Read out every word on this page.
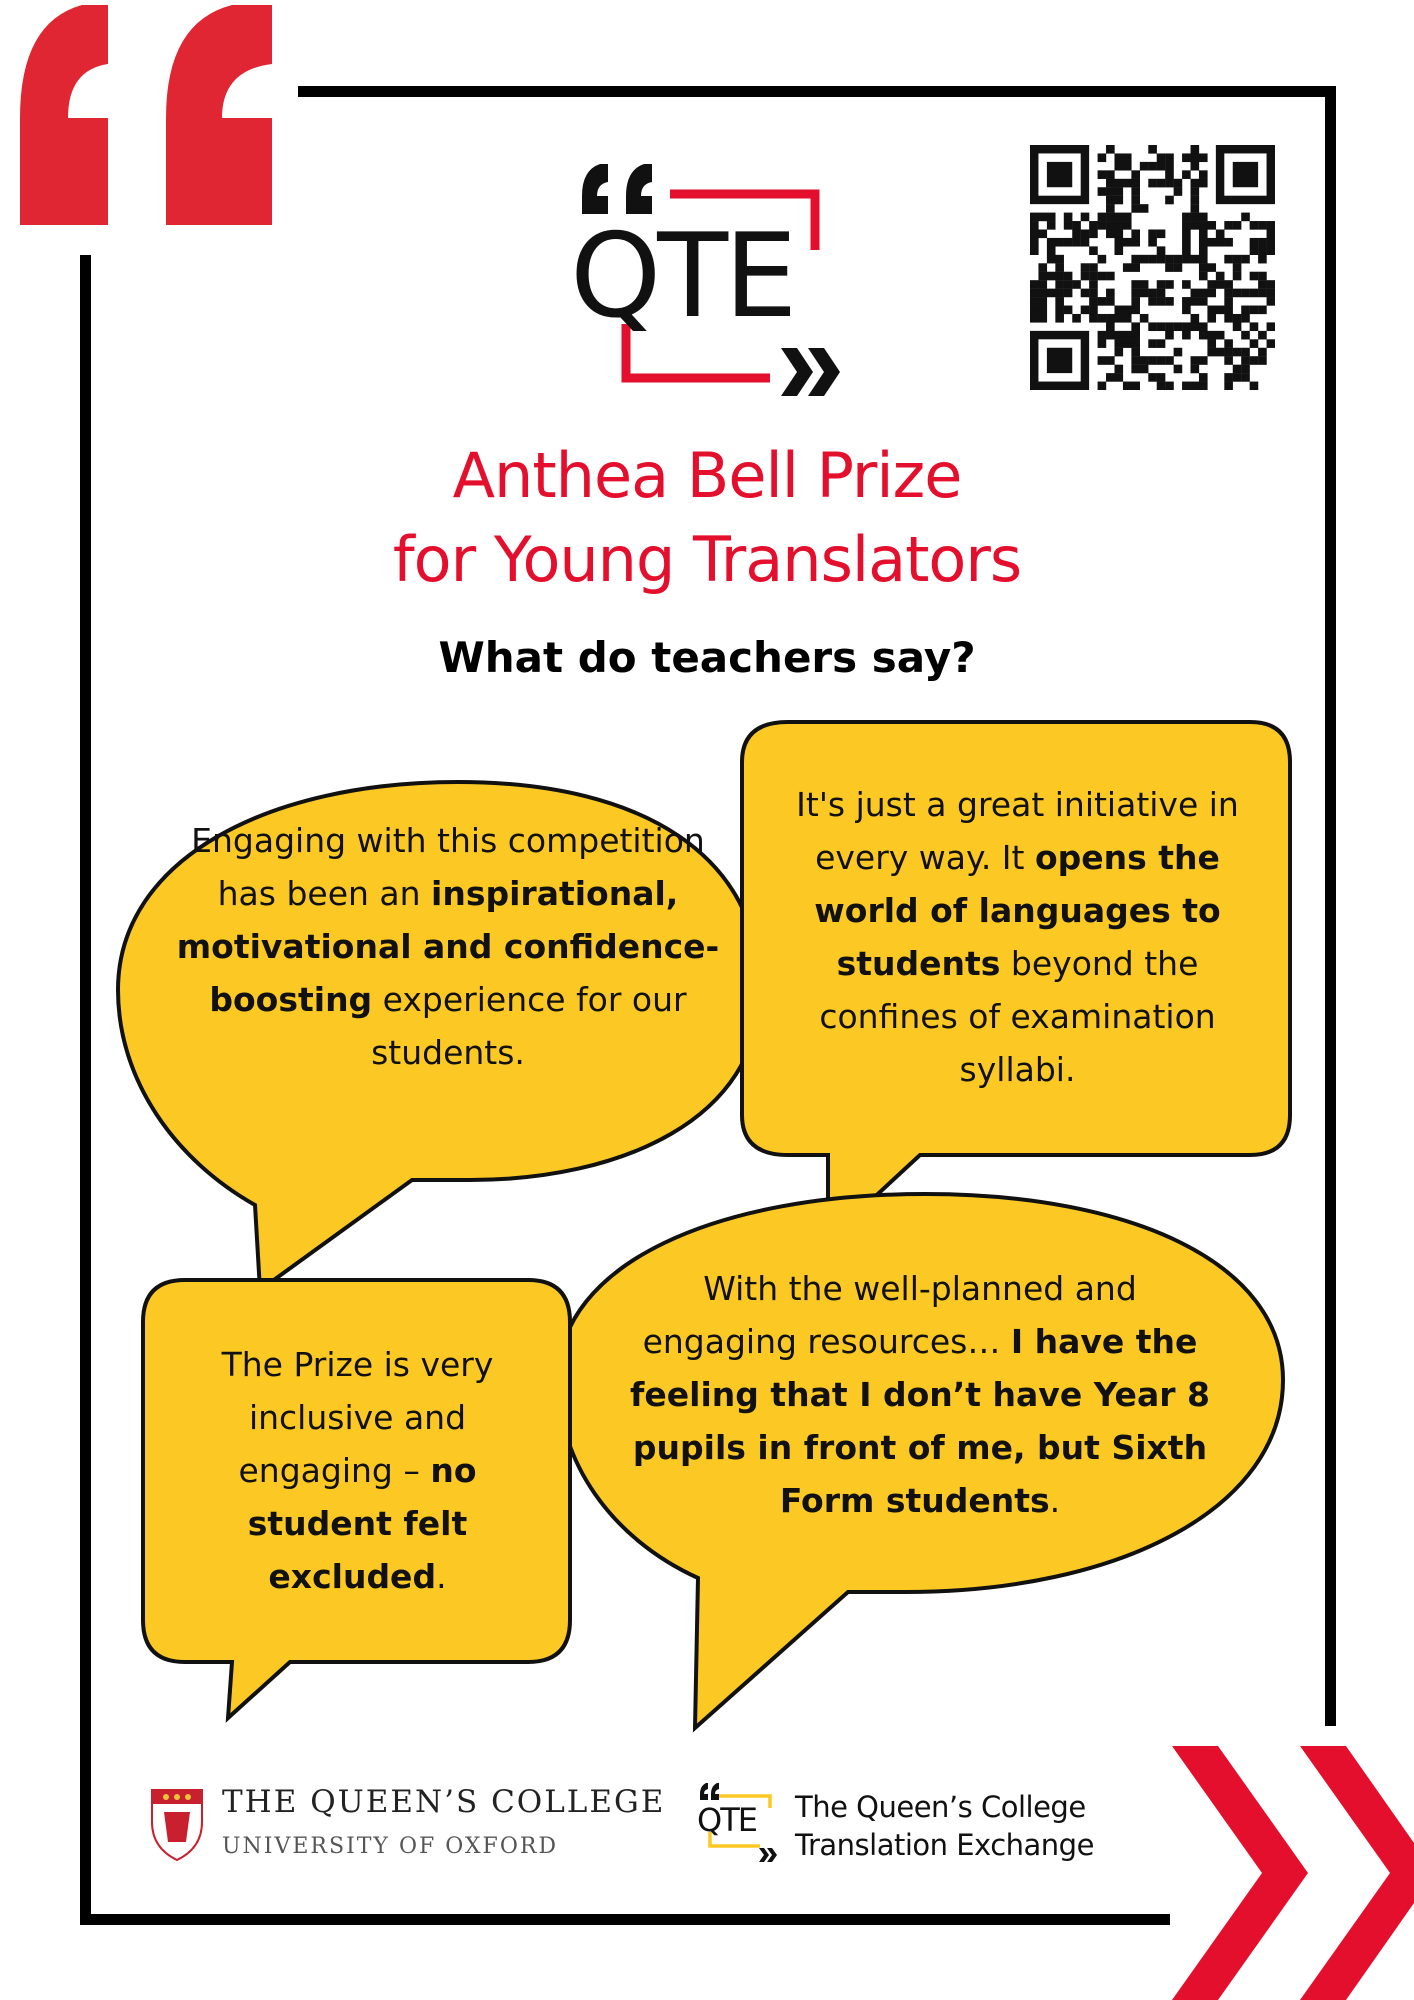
QTE
Anthea Bell Prize
for Young Translators
What do teachers say?
Engaging with this competition has been an inspirational, motivational and confidence-boosting experience for our students.
It's just a great initiative in every way. It opens the world of languages to students beyond the confines of examination syllabi.
The Prize is very inclusive and engaging – no student felt excluded.
With the well-planned and engaging resources… I have the feeling that I don’t have Year 8 pupils in front of me, but Sixth Form students.
THE QUEEN’S COLLEGE
UNIVERSITY OF OXFORD
QTE The Queen’s College
Translation Exchange
